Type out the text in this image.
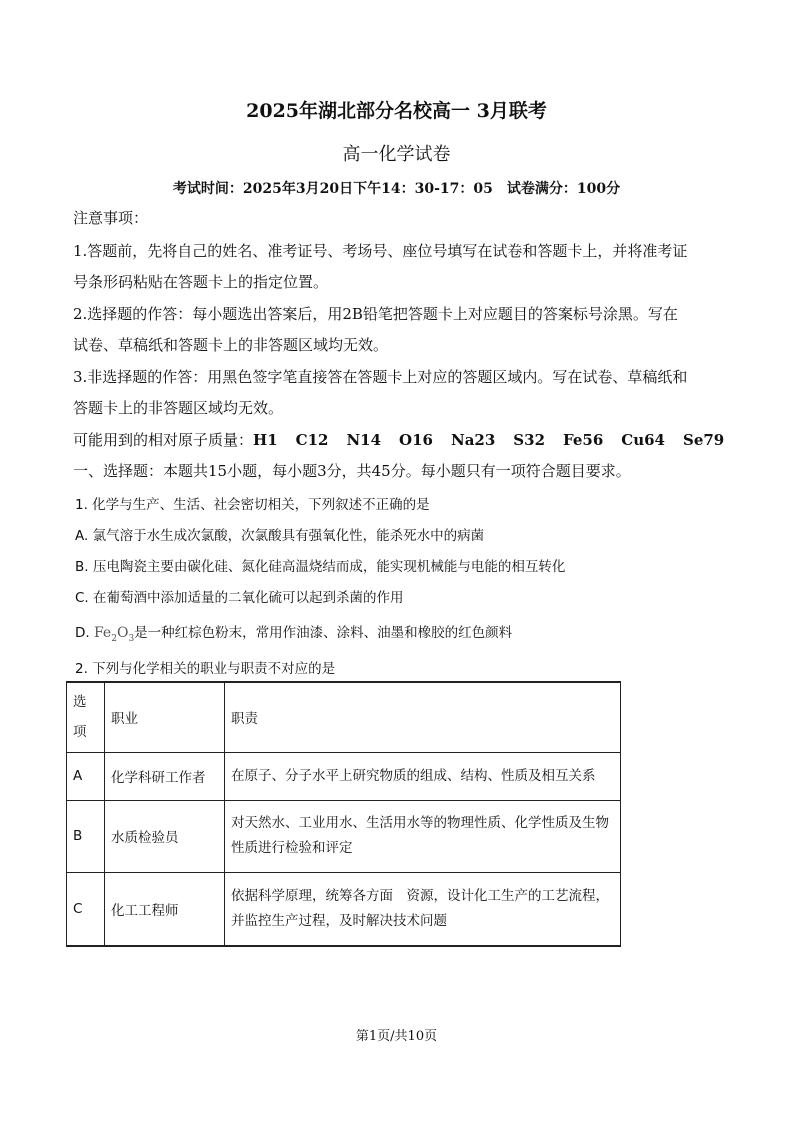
2025年湖北部分名校高一 3月联考
高一化学试卷
考试时间：2025年3月20日下午14：30-17：05　试卷满分：100分
注意事项：
1.答题前，先将自己的姓名、准考证号、考场号、座位号填写在试卷和答题卡上，并将准考证
号条形码粘贴在答题卡上的指定位置。
2.选择题的作答：每小题选出答案后，用2B铅笔把答题卡上对应题目的答案标号涂黑。写在
试卷、草稿纸和答题卡上的非答题区域均无效。
3.非选择题的作答：用黑色签字笔直接答在答题卡上对应的答题区域内。写在试卷、草稿纸和
答题卡上的非答题区域均无效。
可能用到的相对原子质量：H1 C12 N14 O16 Na23 S32 Fe56 Cu64 Se79
一、选择题：本题共15小题，每小题3分，共45分。每小题只有一项符合题目要求。
1. 化学与生产、生活、社会密切相关，下列叙述不正确的是
A. 氯气溶于水生成次氯酸，次氯酸具有强氧化性，能杀死水中的病菌
B. 压电陶瓷主要由碳化硅、氮化硅高温烧结而成，能实现机械能与电能的相互转化
C. 在葡萄酒中添加适量的二氧化硫可以起到杀菌的作用
D. $Fe_2O_3$是一种红棕色粉末，常用作油漆、涂料、油墨和橡胶的红色颜料
2. 下列与化学相关的职业与职责不对应的是
选
项	职业	职责
A	化学科研工作者	在原子、分子水平上研究物质的组成、结构、性质及相互关系

B	水质检验员	对天然水、工业用水、生活用水等的物理性质、化学性质及生物性质进行检验和评定

C	化工工程师	依据科学原理，统筹各方面　资源，设计化工生产的工艺流程，并监控生产过程，及时解决技术问题
第1页/共10页
